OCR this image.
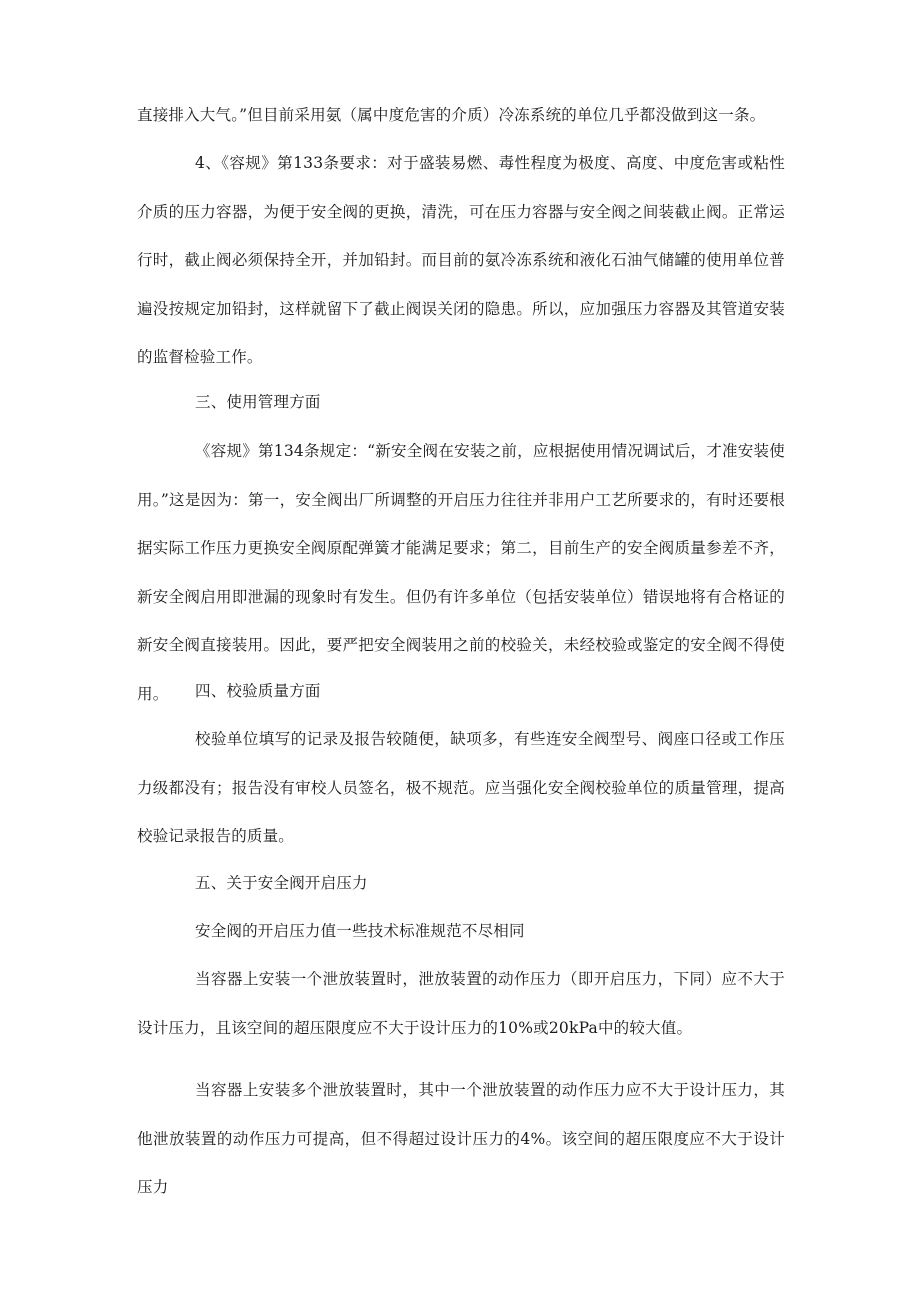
直接排入大气。”但目前采用氨（属中度危害的介质）冷冻系统的单位几乎都没做到这一条。

4、《容规》第133条要求：对于盛装易燃、毒性程度为极度、高度、中度危害或粘性介质的压力容器，为便于安全阀的更换，清洗，可在压力容器与安全阀之间装截止阀。正常运行时，截止阀必须保持全开，并加铅封。而目前的氨冷冻系统和液化石油气储罐的使用单位普遍没按规定加铅封，这样就留下了截止阀误关闭的隐患。所以，应加强压力容器及其管道安装的监督检验工作。

三、使用管理方面

《容规》第134条规定：“新安全阀在安装之前，应根据使用情况调试后，才准安装使用。”这是因为：第一，安全阀出厂所调整的开启压力往往并非用户工艺所要求的，有时还要根据实际工作压力更换安全阀原配弹簧才能满足要求；第二，目前生产的安全阀质量参差不齐，新安全阀启用即泄漏的现象时有发生。但仍有许多单位（包括安装单位）错误地将有合格证的新安全阀直接装用。因此，要严把安全阀装用之前的校验关，未经校验或鉴定的安全阀不得使用。	四、校验质量方面

校验单位填写的记录及报告较随便，缺项多，有些连安全阀型号、阀座口径或工作压力级都没有；报告没有审校人员签名，极不规范。应当强化安全阀校验单位的质量管理，提高校验记录报告的质量。

五、关于安全阀开启压力

安全阀的开启压力值一些技术标准规范不尽相同

当容器上安装一个泄放装置时，泄放装置的动作压力（即开启压力，下同）应不大于设计压力，且该空间的超压限度应不大于设计压力的10%或20kPa中的较大值。

当容器上安装多个泄放装置时，其中一个泄放装置的动作压力应不大于设计压力，其他泄放装置的动作压力可提高，但不得超过设计压力的4%。该空间的超压限度应不大于设计压力
